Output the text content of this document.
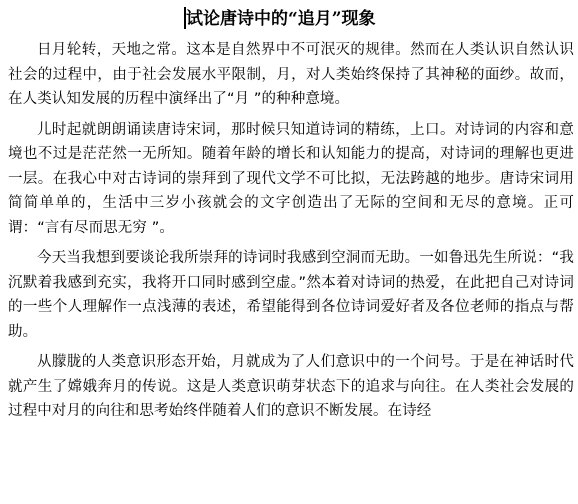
试论唐诗中的“追月”现象

日月轮转，天地之常。这本是自然界中不可泯灭的规律。然而在人类认识自然认识社会的过程中，由于社会发展水平限制，月，对人类始终保持了其神秘的面纱。故而，在人类认知发展的历程中演绎出了“月 ”的种种意境。

儿时起就朗朗诵读唐诗宋词，那时候只知道诗词的精练，上口。对诗词的内容和意境也不过是茫茫然一无所知。随着年龄的增长和认知能力的提高，对诗词的理解也更进一层。在我心中对古诗词的崇拜到了现代文学不可比拟，无法跨越的地步。唐诗宋词用简简单单的，生活中三岁小孩就会的文字创造出了无际的空间和无尽的意境。正可谓：“言有尽而思无穷 ”。

今天当我想到要谈论我所崇拜的诗词时我感到空洞而无助。一如鲁迅先生所说：“我沉默着我感到充实，我将开口同时感到空虚。”然本着对诗词的热爱，在此把自己对诗词的一些个人理解作一点浅薄的表述，希望能得到各位诗词爱好者及各位老师的指点与帮助。

从朦胧的人类意识形态开始，月就成为了人们意识中的一个问号。于是在神话时代就产生了嫦娥奔月的传说。这是人类意识萌芽状态下的追求与向往。在人类社会发展的过程中对月的向往和思考始终伴随着人们的意识不断发展。在诗经
